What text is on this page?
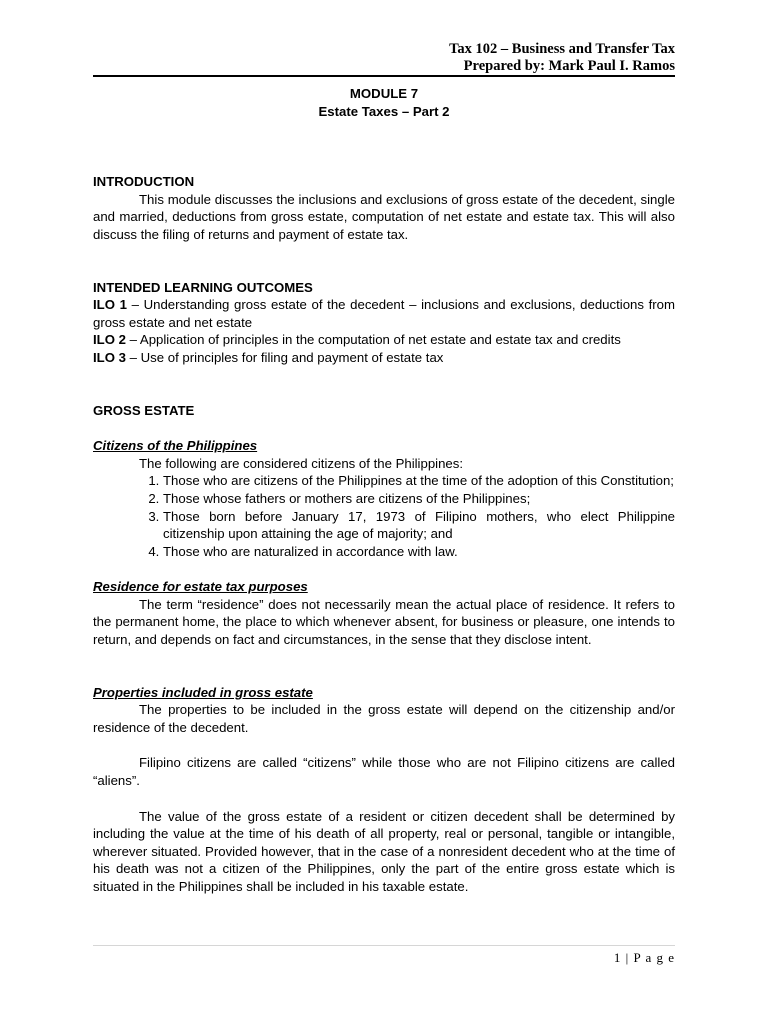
Tax 102 – Business and Transfer Tax
Prepared by: Mark Paul I. Ramos
MODULE 7
Estate Taxes – Part 2
INTRODUCTION

This module discusses the inclusions and exclusions of gross estate of the decedent, single and married, deductions from gross estate, computation of net estate and estate tax. This will also discuss the filing of returns and payment of estate tax.

INTENDED LEARNING OUTCOMES

ILO 1 – Understanding gross estate of the decedent – inclusions and exclusions, deductions from gross estate and net estate

ILO 2 – Application of principles in the computation of net estate and estate tax and credits

ILO 3 – Use of principles for filing and payment of estate tax

GROSS ESTATE
Citizens of the Philippines

The following are considered citizens of the Philippines:

1. Those who are citizens of the Philippines at the time of the adoption of this Constitution;
2. Those whose fathers or mothers are citizens of the Philippines;
3. Those born before January 17, 1973 of Filipino mothers, who elect Philippine citizenship upon attaining the age of majority; and
4. Those who are naturalized in accordance with law.
Residence for estate tax purposes

The term “residence” does not necessarily mean the actual place of residence. It refers to the permanent home, the place to which whenever absent, for business or pleasure, one intends to return, and depends on fact and circumstances, in the sense that they disclose intent.

Properties included in gross estate

The properties to be included in the gross estate will depend on the citizenship and/or residence of the decedent.

Filipino citizens are called “citizens” while those who are not Filipino citizens are called “aliens”.

The value of the gross estate of a resident or citizen decedent shall be determined by including the value at the time of his death of all property, real or personal, tangible or intangible, wherever situated. Provided however, that in the case of a nonresident decedent who at the time of his death was not a citizen of the Philippines, only the part of the entire gross estate which is situated in the Philippines shall be included in his taxable estate.

1 | P a g e
